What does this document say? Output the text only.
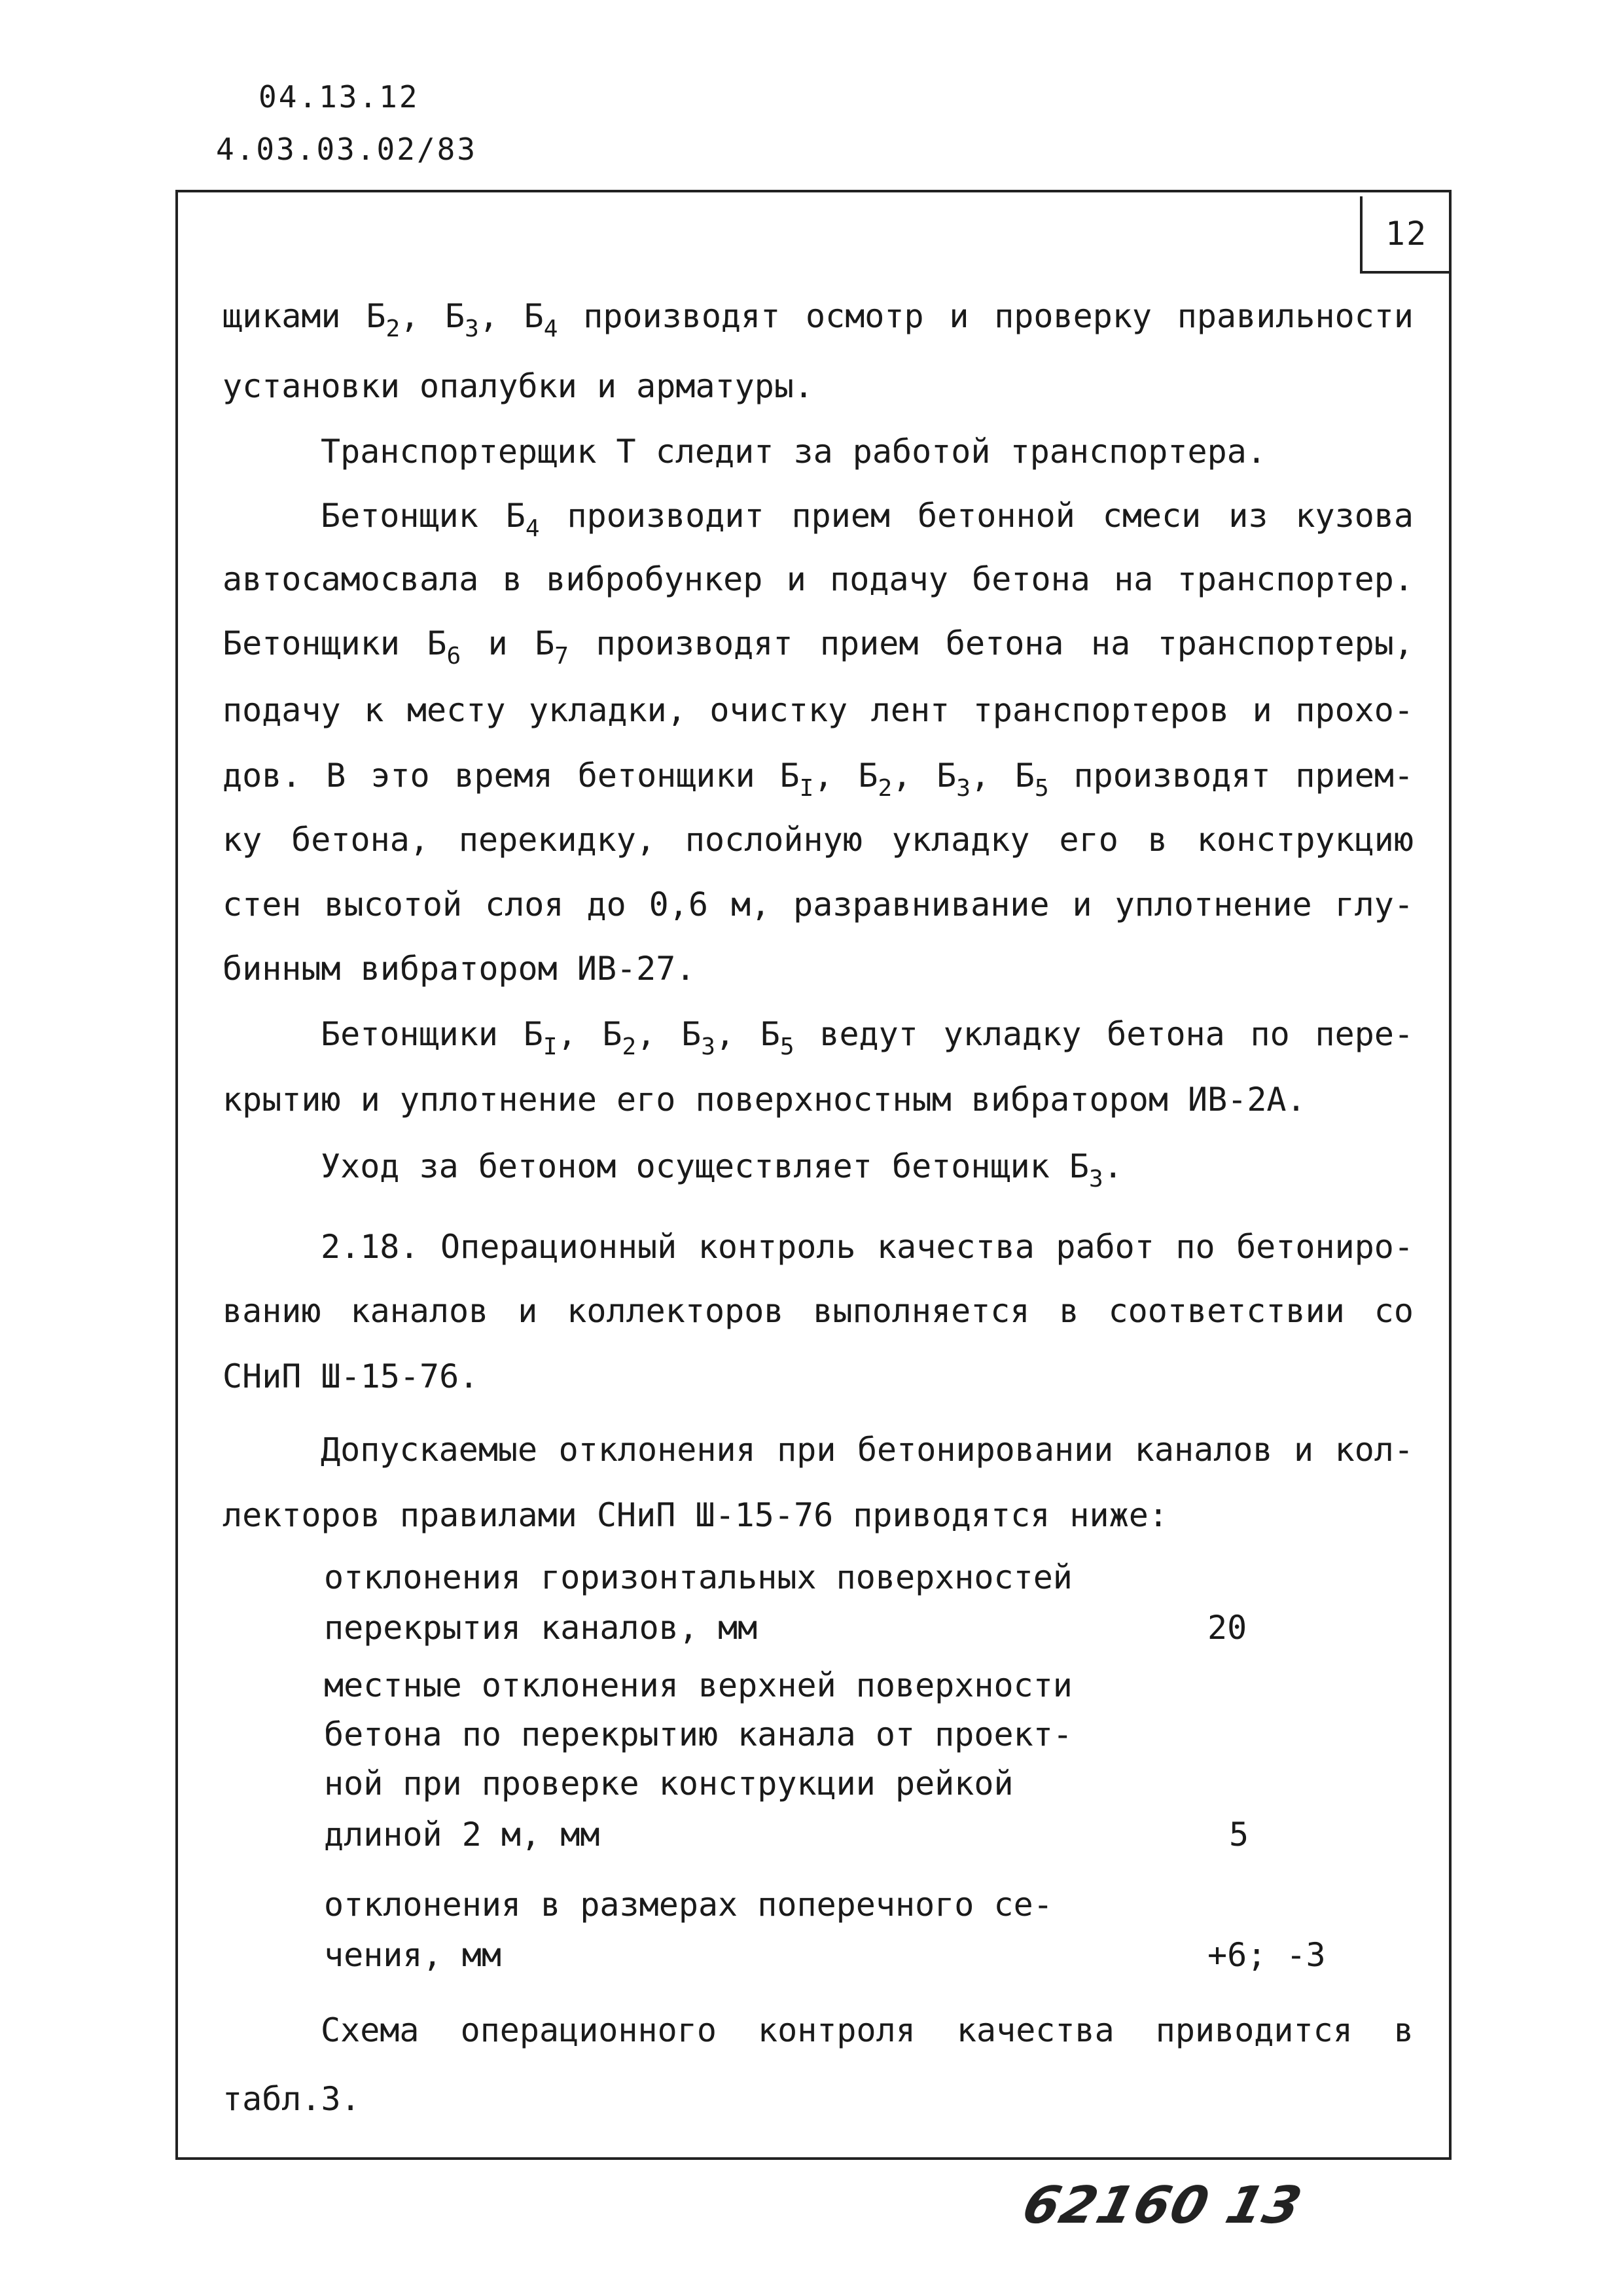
04.13.12
4.03.03.02/83
12
щиками $Б_2$, $Б_3$, $Б_4$ производят осмотр и проверку правильности
установки опалубки и арматуры.
Транспортерщик Т следит за работой транспортера.
Бетонщик $Б_4$ производит прием бетонной смеси из кузова
автосамосвала в вибробункер и подачу бетона на транспортер.
Бетонщики $Б_6$ и $Б_7$ производят прием бетона на транспортеры,
подачу к месту укладки, очистку лент транспортеров и прохо-
дов. В это время бетонщики $Б_I$, $Б_2$, $Б_3$, $Б_5$ производят прием-
ку бетона, перекидку, послойную укладку его в конструкцию
стен высотой слоя до 0,6 м, разравнивание и уплотнение глу-
бинным вибратором ИВ-27.
Бетонщики $Б_I$, $Б_2$, $Б_3$, $Б_5$ ведут укладку бетона по пере-
крытию и уплотнение его поверхностным вибратором ИВ-2А.
Уход за бетоном осуществляет бетонщик $Б_3$.
2.18. Операционный контроль качества работ по бетониро-
ванию каналов и коллекторов выполняется в соответствии со
СНиП Ш-15-76.
Допускаемые отклонения при бетонировании каналов и кол-
лекторов правилами СНиП Ш-15-76 приводятся ниже:
отклонения горизонтальных поверхностей
перекрытия каналов, мм	20
местные отклонения верхней поверхности
бетона по перекрытию канала от проект-
ной при проверке конструкции рейкой
длиной 2 м, мм	5
отклонения в размерах поперечного се-
чения, мм	+6; -3
Схема операционного контроля качества приводится в
табл.3.
62160 13
